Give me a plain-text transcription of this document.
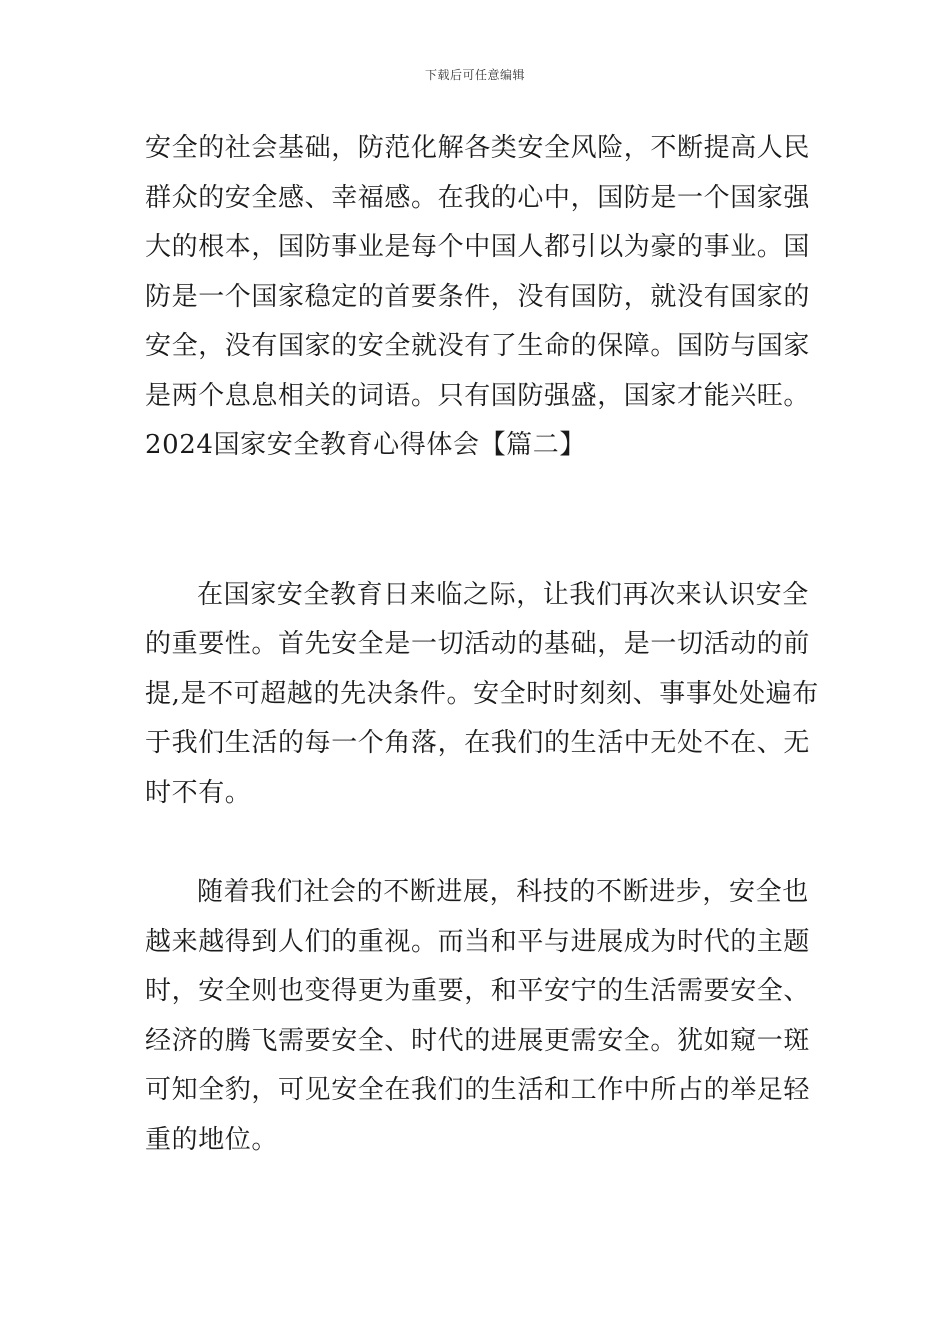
下载后可任意编辑
安全的社会基础，防范化解各类安全风险，不断提高人民
群众的安全感、幸福感。在我的心中，国防是一个国家强
大的根本，国防事业是每个中国人都引以为豪的事业。国
防是一个国家稳定的首要条件，没有国防，就没有国家的
安全，没有国家的安全就没有了生命的保障。国防与国家
是两个息息相关的词语。只有国防强盛，国家才能兴旺。
2024国家安全教育心得体会【篇二】
在国家安全教育日来临之际，让我们再次来认识安全
的重要性。首先安全是一切活动的基础，是一切活动的前
提,是不可超越的先决条件。安全时时刻刻、事事处处遍布
于我们生活的每一个角落，在我们的生活中无处不在、无
时不有。
随着我们社会的不断进展，科技的不断进步，安全也
越来越得到人们的重视。而当和平与进展成为时代的主题
时，安全则也变得更为重要，和平安宁的生活需要安全、
经济的腾飞需要安全、时代的进展更需安全。犹如窥一斑
可知全豹，可见安全在我们的生活和工作中所占的举足轻
重的地位。
